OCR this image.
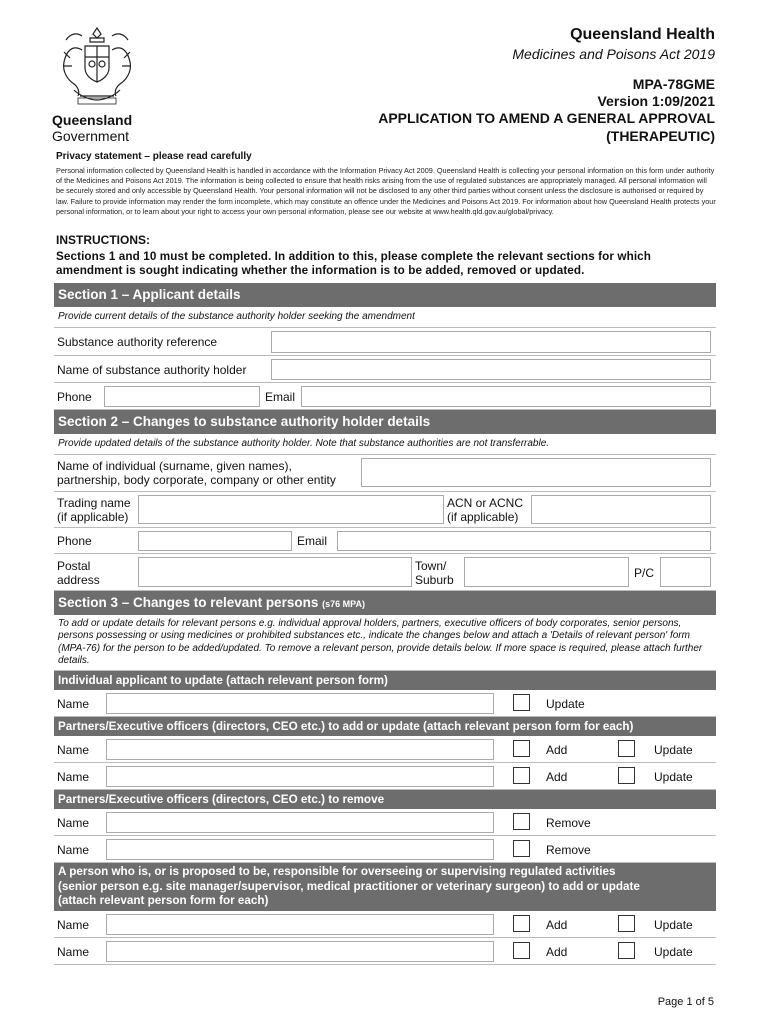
Queensland
Government
Queensland Health
Medicines and Poisons Act 2019
MPA-78GME
Version 1:09/2021
APPLICATION TO AMEND A GENERAL APPROVAL
(THERAPEUTIC)
Privacy statement – please read carefully
Personal information collected by Queensland Health is handled in accordance with the Information Privacy Act 2009. Queensland Health is collecting your personal information on this form under authority of the Medicines and Poisons Act 2019. The information is being collected to ensure that health risks arising from the use of regulated substances are appropriately managed. All personal information will be securely stored and only accessible by Queensland Health. Your personal information will not be disclosed to any other third parties without consent unless the disclosure is authorised or required by law. Failure to provide information may render the form incomplete, which may constitute an offence under the Medicines and Poisons Act 2019. For information about how Queensland Health protects your personal information, or to learn about your right to access your own personal information, please see our website at www.health.qld.gov.au/global/privacy.
INSTRUCTIONS:
Sections 1 and 10 must be completed. In addition to this, please complete the relevant sections for which amendment is sought indicating whether the information is to be added, removed or updated.
Section 1 – Applicant details
Provide current details of the substance authority holder seeking the amendment
Substance authority reference
Name of substance authority holder
Phone	Email
Section 2 – Changes to substance authority holder details
Provide updated details of the substance authority holder. Note that substance authorities are not transferrable.
Name of individual (surname, given names),
partnership, body corporate, company or other entity
Trading name
(if applicable)
ACN or ACNC
(if applicable)
Phone	Email
Postal
address
Town/
Suburb	P/C
Section 3 – Changes to relevant persons (s76 MPA)
To add or update details for relevant persons e.g. individual approval holders, partners, executive officers of body corporates, senior persons, persons possessing or using medicines or prohibited substances etc., indicate the changes below and attach a 'Details of relevant person' form (MPA-76) for the person to be added/updated. To remove a relevant person, provide details below. If more space is required, please attach further details.
Individual applicant to update (attach relevant person form)
Name	Update
Partners/Executive officers (directors, CEO etc.) to add or update (attach relevant person form for each)
Name	Add	Update
Name	Add	Update
Partners/Executive officers (directors, CEO etc.) to remove
Name	Remove
Name	Remove
A person who is, or is proposed to be, responsible for overseeing or supervising regulated activities
(senior person e.g. site manager/supervisor, medical practitioner or veterinary surgeon) to add or update
(attach relevant person form for each)
Name	Add	Update
Name	Add	Update
Page 1 of 5
